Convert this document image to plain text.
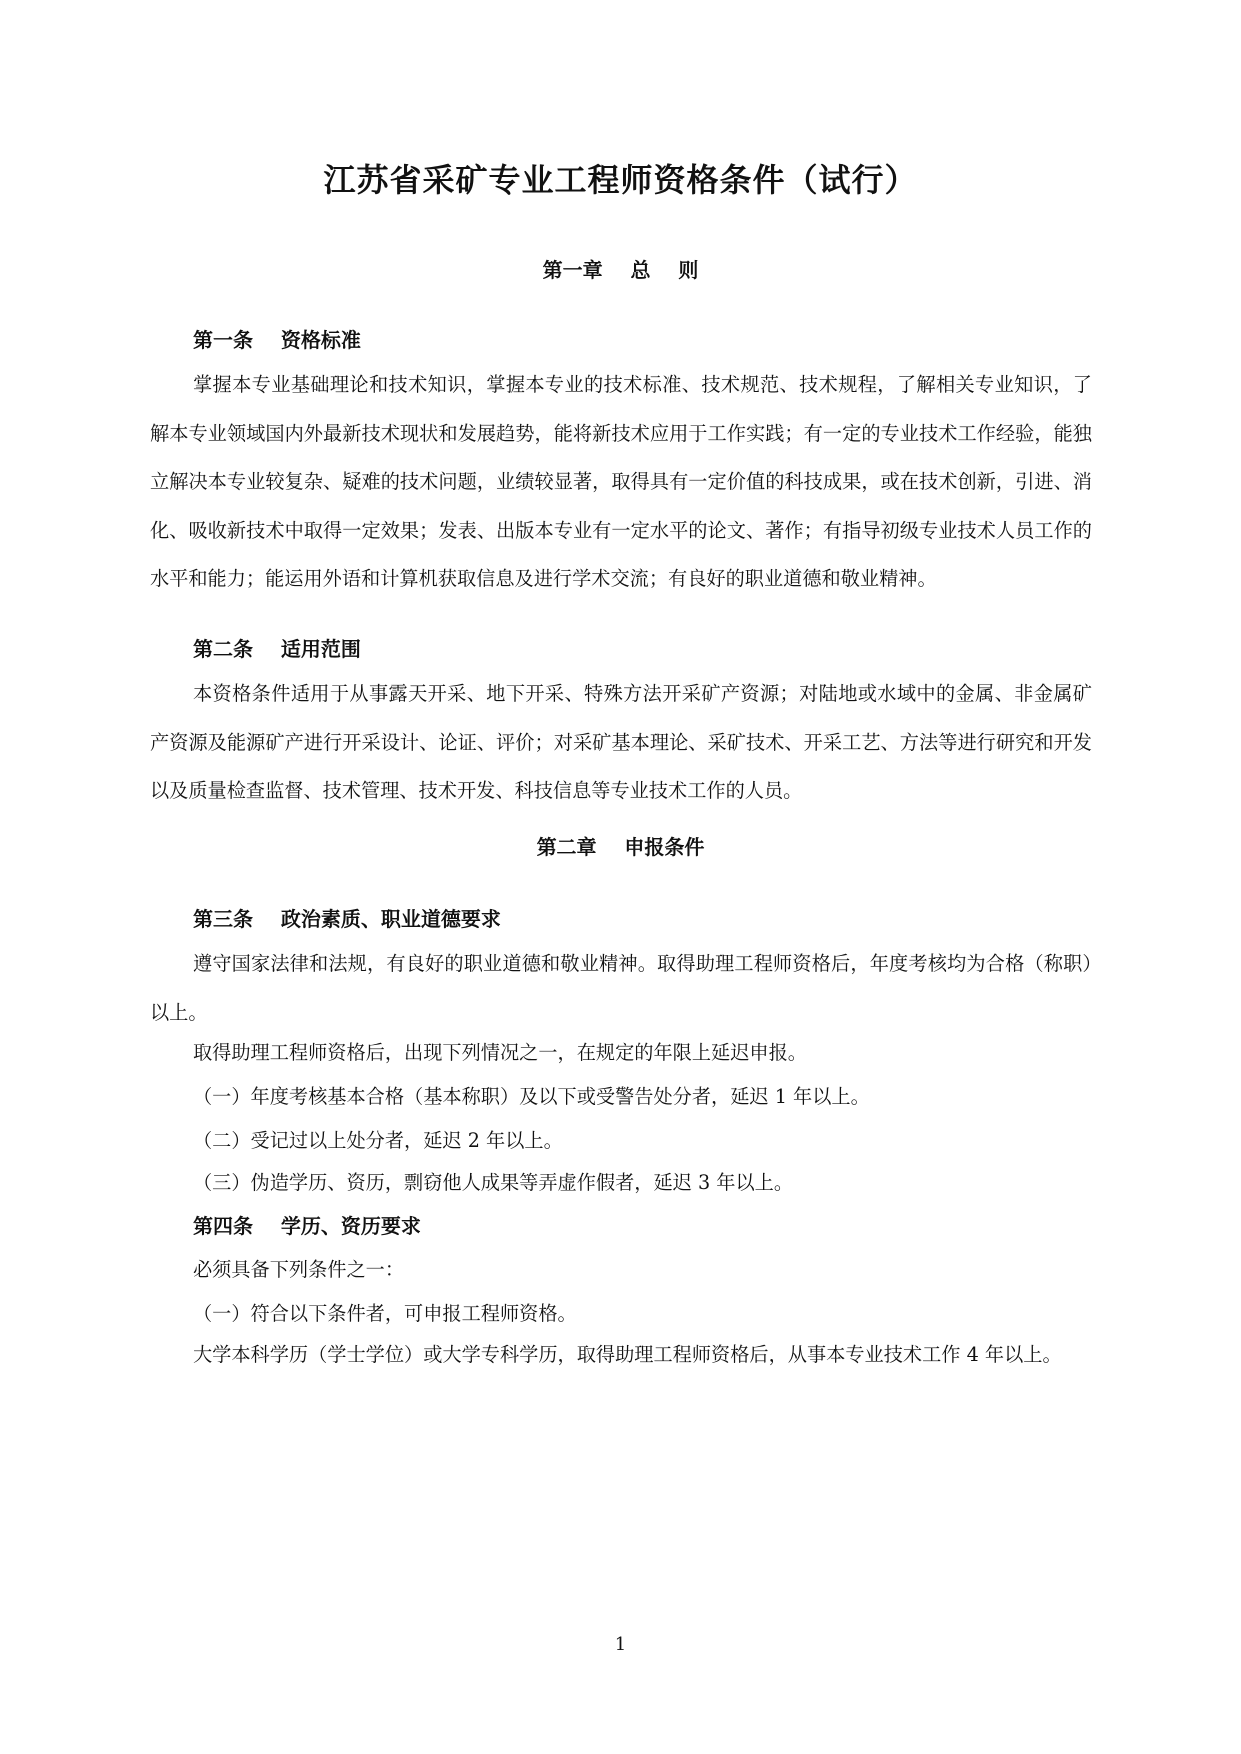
江苏省采矿专业工程师资格条件（试行）
第一章    总    则
第一条    资格标准
掌握本专业基础理论和技术知识，掌握本专业的技术标准、技术规范、技术规程，了解相关专业知识，了解本专业领域国内外最新技术现状和发展趋势，能将新技术应用于工作实践；有一定的专业技术工作经验，能独立解决本专业较复杂、疑难的技术问题，业绩较显著，取得具有一定价值的科技成果，或在技术创新，引进、消化、吸收新技术中取得一定效果；发表、出版本专业有一定水平的论文、著作；有指导初级专业技术人员工作的水平和能力；能运用外语和计算机获取信息及进行学术交流；有良好的职业道德和敬业精神。
第二条    适用范围
本资格条件适用于从事露天开采、地下开采、特殊方法开采矿产资源；对陆地或水域中的金属、非金属矿产资源及能源矿产进行开采设计、论证、评价；对采矿基本理论、采矿技术、开采工艺、方法等进行研究和开发以及质量检查监督、技术管理、技术开发、科技信息等专业技术工作的人员。
第二章    申报条件
第三条    政治素质、职业道德要求
遵守国家法律和法规，有良好的职业道德和敬业精神。取得助理工程师资格后，年度考核均为合格（称职）以上。
取得助理工程师资格后，出现下列情况之一，在规定的年限上延迟申报。
（一）年度考核基本合格（基本称职）及以下或受警告处分者，延迟 1 年以上。
（二）受记过以上处分者，延迟 2 年以上。
（三）伪造学历、资历，剽窃他人成果等弄虚作假者，延迟 3 年以上。
第四条    学历、资历要求
必须具备下列条件之一：
（一）符合以下条件者，可申报工程师资格。
大学本科学历（学士学位）或大学专科学历，取得助理工程师资格后，从事本专业技术工作 4 年以上。
1
